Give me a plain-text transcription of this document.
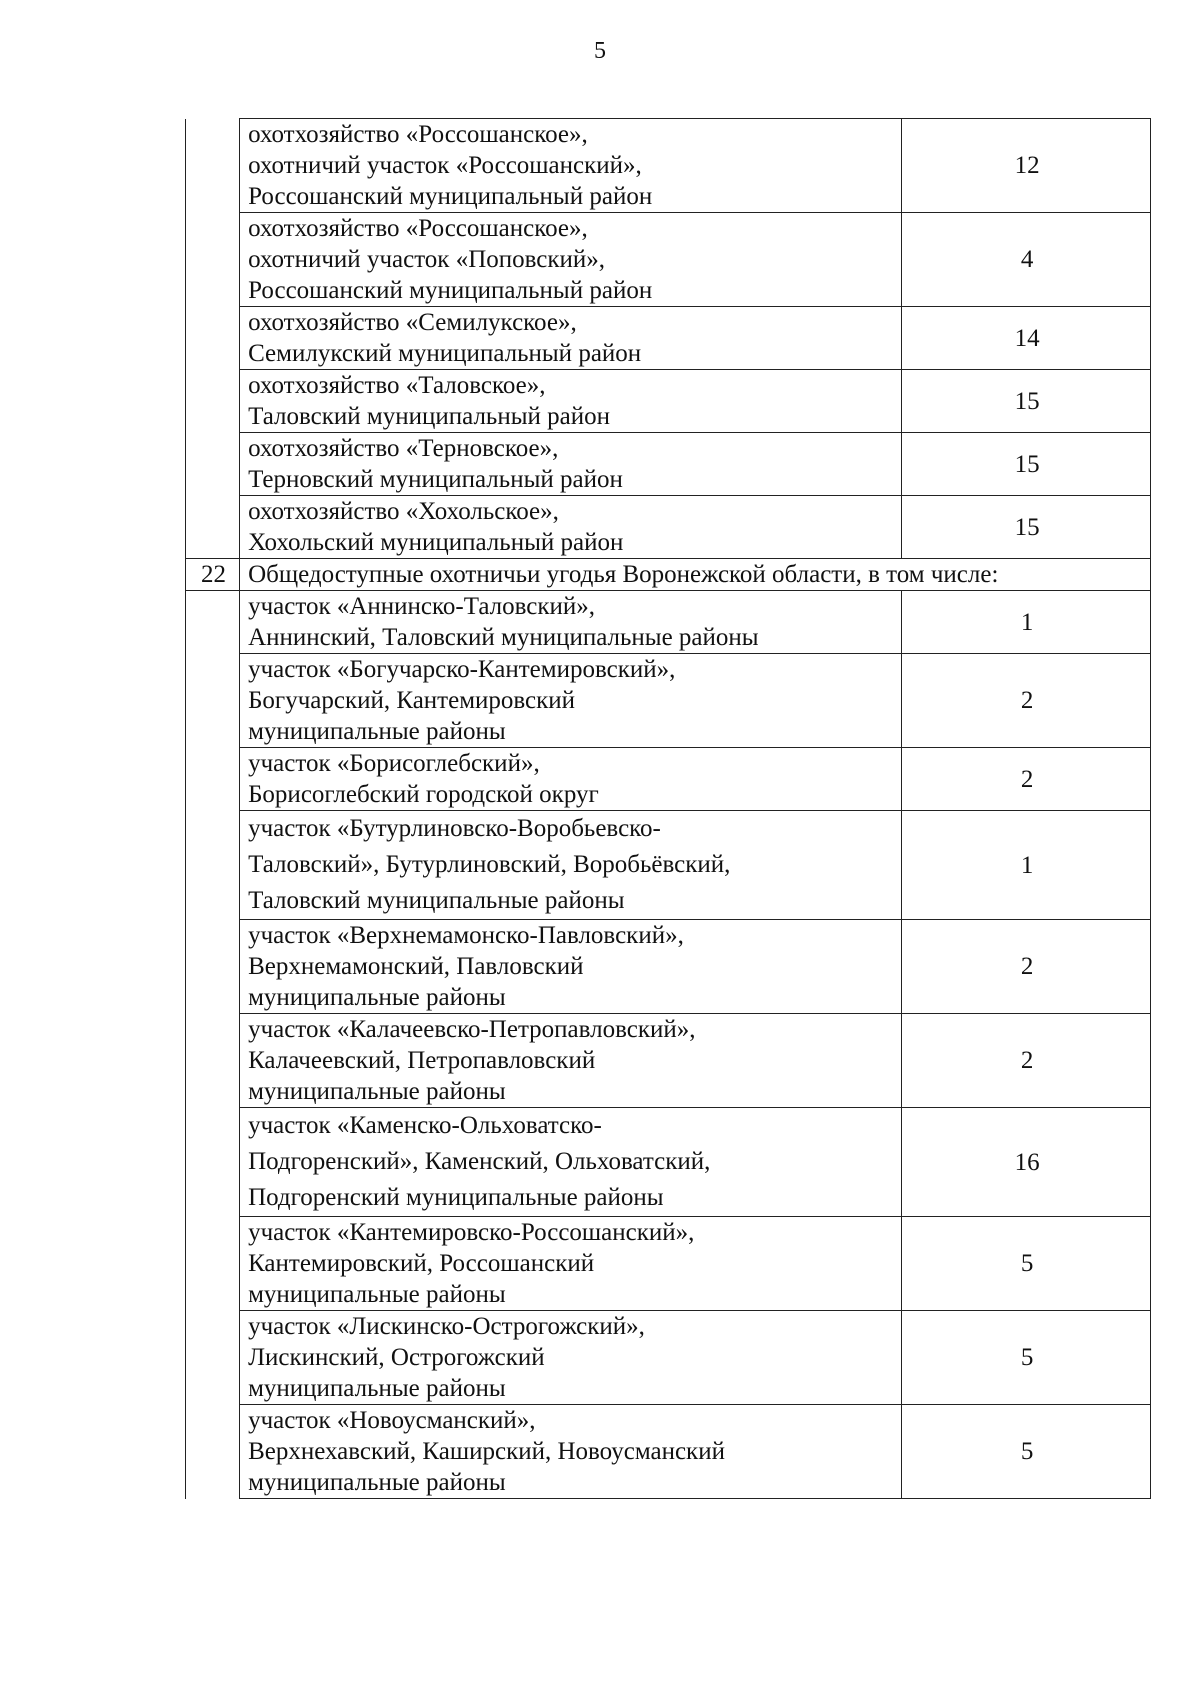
5

	охотхозяйство «Россошанское»,
охотничий участок «Россошанский»,
Россошанский муниципальный район	12

	охотхозяйство «Россошанское»,
охотничий участок «Поповский»,
Россошанский муниципальный район	4

	охотхозяйство «Семилукское»,
Семилукский муниципальный район	14

	охотхозяйство «Таловское»,
Таловский муниципальный район	15

	охотхозяйство «Терновское»,
Терновский муниципальный район	15

	охотхозяйство «Хохольское»,
Хохольский муниципальный район	15
22	Общедоступные охотничьи угодья Воронежской области, в том числе:	

	участок «Аннинско-Таловский»,
Аннинский, Таловский муниципальные районы	1

	участок «Богучарско-Кантемировский»,
Богучарский, Кантемировский
муниципальные районы	2

	участок «Борисоглебский»,
Борисоглебский городской округ	2

	участок «Бутурлиновско-Воробьевско-
Таловский», Бутурлиновский, Воробьёвский,
Таловский муниципальные районы	1

	участок «Верхнемамонско-Павловский»,
Верхнемамонский, Павловский
муниципальные районы	2

	участок «Калачеевско-Петропавловский»,
Калачеевский, Петропавловский
муниципальные районы	2

	участок «Каменско-Ольховатско-
Подгоренский», Каменский, Ольховатский,
Подгоренский муниципальные районы	16

	участок «Кантемировско-Россошанский»,
Кантемировский, Россошанский
муниципальные районы	5

	участок «Лискинско-Острогожский»,
Лискинский, Острогожский
муниципальные районы	5

	участок «Новоусманский»,
Верхнехавский, Каширский, Новоусманский
муниципальные районы	5
